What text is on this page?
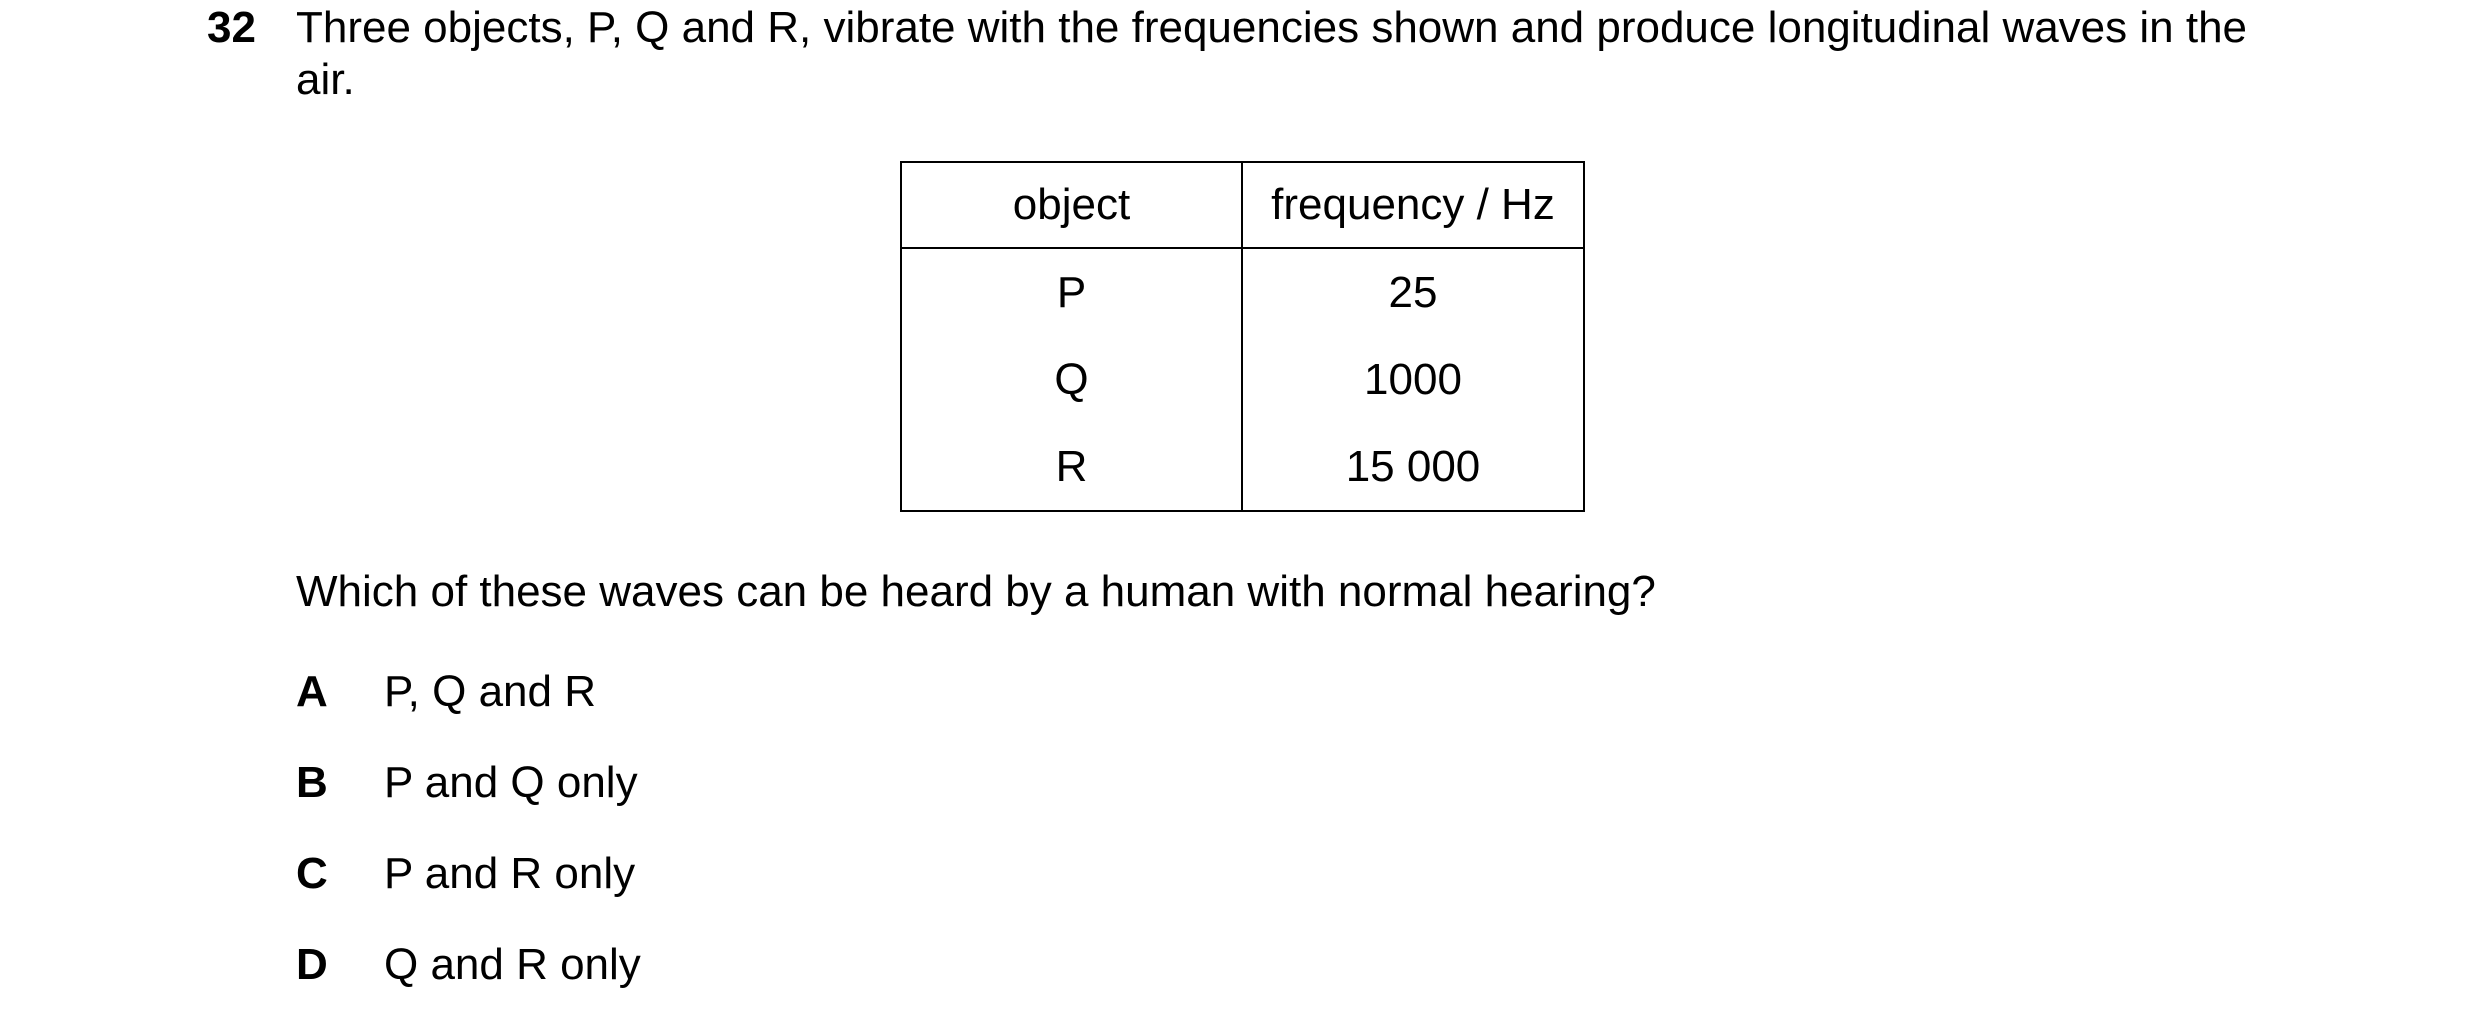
32 Three objects, P, Q and R, vibrate with the frequencies shown and produce longitudinal waves in the air.
object	frequency / Hz
P	25
Q	1000
R	15 000
Which of these waves can be heard by a human with normal hearing?
A P, Q and R
B P and Q only
C P and R only
D Q and R only
